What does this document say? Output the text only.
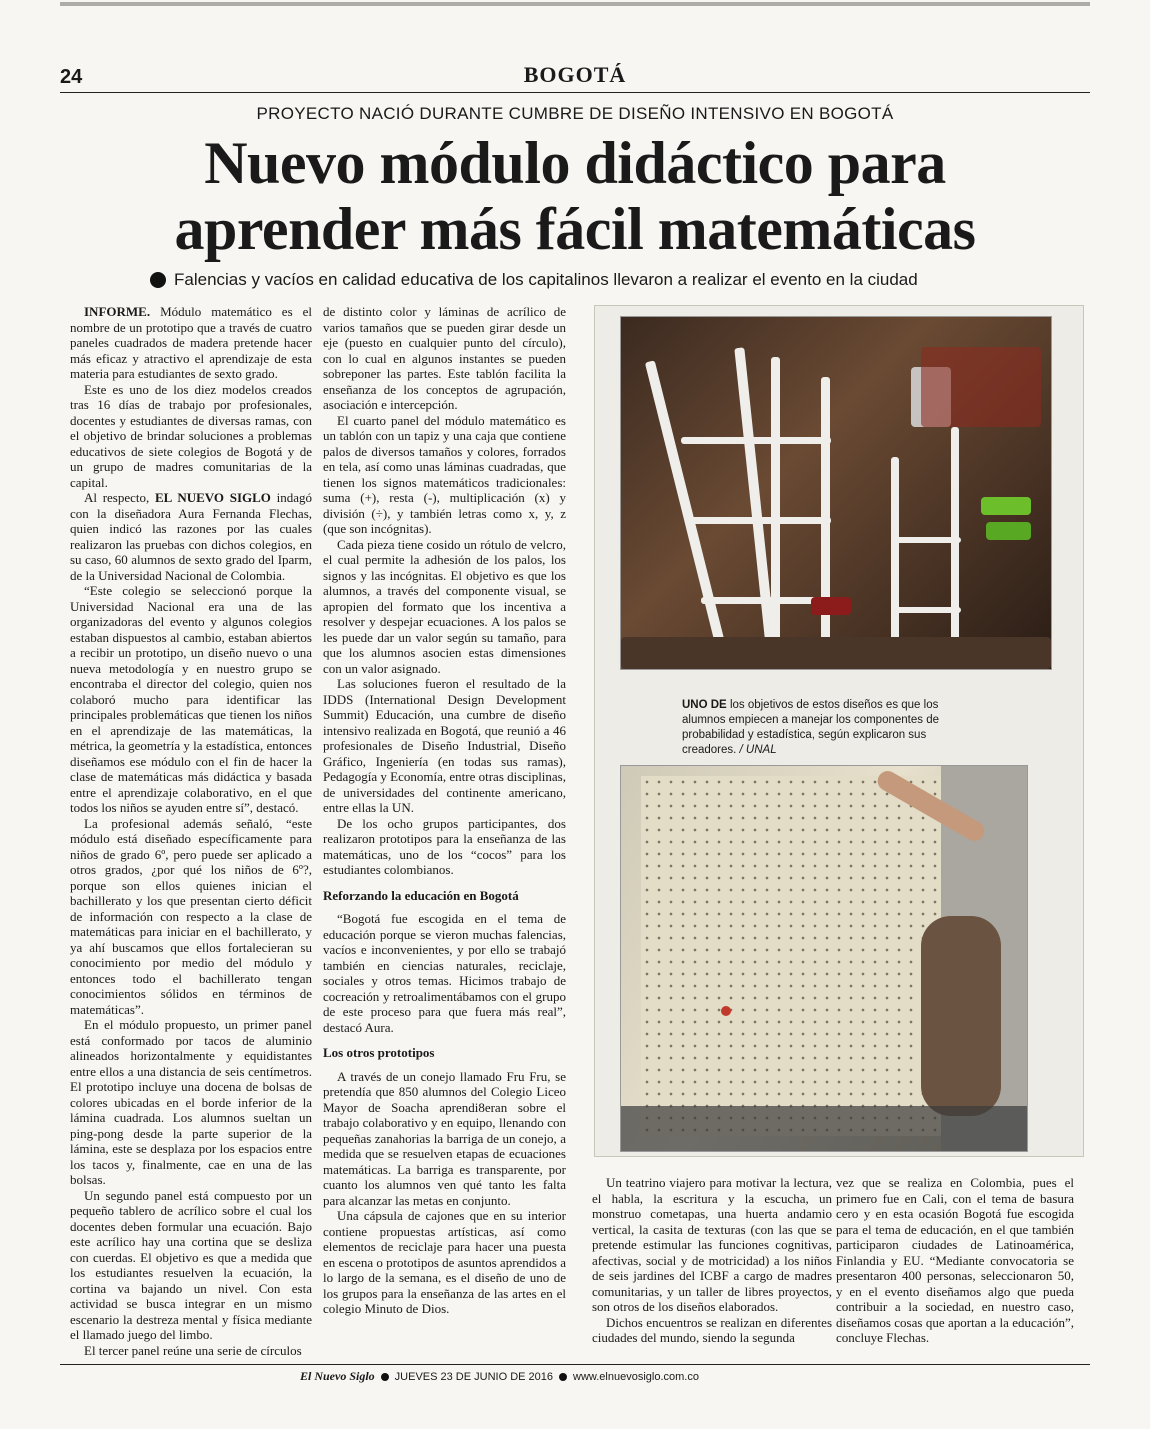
24	BOGOTÁ
PROYECTO NACIÓ DURANTE CUMBRE DE DISEÑO INTENSIVO EN BOGOTÁ
Nuevo módulo didáctico para
aprender más fácil matemáticas
Falencias y vacíos en calidad educativa de los capitalinos llevaron a realizar el evento en la ciudad

INFORME. Módulo matemático es el nombre de un prototipo que a través de cuatro paneles cuadrados de madera pretende hacer más eficaz y atractivo el aprendizaje de esta materia para estudiantes de sexto grado.

Este es uno de los diez modelos creados tras 16 días de trabajo por profesionales, docentes y estudiantes de diversas ramas, con el objetivo de brindar soluciones a problemas educativos de siete colegios de Bogotá y de un grupo de madres comunitarias de la capital.

Al respecto, EL NUEVO SIGLO indagó con la diseñadora Aura Fernanda Flechas, quien indicó las razones por las cuales realizaron las pruebas con dichos colegios, en su caso, 60 alumnos de sexto grado del Iparm, de la Universidad Nacional de Colombia.

“Este colegio se seleccionó porque la Universidad Nacional era una de las organizadoras del evento y algunos colegios estaban dispuestos al cambio, estaban abiertos a recibir un prototipo, un diseño nuevo o una nueva metodología y en nuestro grupo se encontraba el director del colegio, quien nos colaboró mucho para identificar las principales problemáticas que tienen los niños en el aprendizaje de las matemáticas, la métrica, la geometría y la estadística, entonces diseñamos ese módulo con el fin de hacer la clase de matemáticas más didáctica y basada entre el aprendizaje colaborativo, en el que todos los niños se ayuden entre sí”, destacó.

La profesional además señaló, “este módulo está diseñado específicamente para niños de grado 6º, pero puede ser aplicado a otros grados, ¿por qué los niños de 6º?, porque son ellos quienes inician el bachillerato y los que presentan cierto déficit de información con respecto a la clase de matemáticas para iniciar en el bachillerato, y ya ahí buscamos que ellos fortalecieran su conocimiento por medio del módulo y entonces todo el bachillerato tengan conocimientos sólidos en términos de matemáticas”.

En el módulo propuesto, un primer panel está conformado por tacos de aluminio alineados horizontalmente y equidistantes entre ellos a una distancia de seis centímetros. El prototipo incluye una docena de bolsas de colores ubicadas en el borde inferior de la lámina cuadrada. Los alumnos sueltan un ping-pong desde la parte superior de la lámina, este se desplaza por los espacios entre los tacos y, finalmente, cae en una de las bolsas.

Un segundo panel está compuesto por un pequeño tablero de acrílico sobre el cual los docentes deben formular una ecuación. Bajo este acrílico hay una cortina que se desliza con cuerdas. El objetivo es que a medida que los estudiantes resuelven la ecuación, la cortina va bajando un nivel. Con esta actividad se busca integrar en un mismo escenario la destreza mental y física mediante el llamado juego del limbo.

El tercer panel reúne una serie de círculos

de distinto color y láminas de acrílico de varios tamaños que se pueden girar desde un eje (puesto en cualquier punto del círculo), con lo cual en algunos instantes se pueden sobreponer las partes. Este tablón facilita la enseñanza de los conceptos de agrupación, asociación e intercepción.

El cuarto panel del módulo matemático es un tablón con un tapiz y una caja que contiene palos de diversos tamaños y colores, forrados en tela, así como unas láminas cuadradas, que tienen los signos matemáticos tradicionales: suma (+), resta (-), multiplicación (x) y división (÷), y también letras como x, y, z (que son incógnitas).

Cada pieza tiene cosido un rótulo de velcro, el cual permite la adhesión de los palos, los signos y las incógnitas. El objetivo es que los alumnos, a través del componente visual, se apropien del formato que los incentiva a resolver y despejar ecuaciones. A los palos se les puede dar un valor según su tamaño, para que los alumnos asocien estas dimensiones con un valor asignado.

Las soluciones fueron el resultado de la IDDS (International Design Development Summit) Educación, una cumbre de diseño intensivo realizada en Bogotá, que reunió a 46 profesionales de Diseño Industrial, Diseño Gráfico, Ingeniería (en todas sus ramas), Pedagogía y Economía, entre otras disciplinas, de universidades del continente americano, entre ellas la UN.

De los ocho grupos participantes, dos realizaron prototipos para la enseñanza de las matemáticas, uno de los “cocos” para los estudiantes colombianos.

Reforzando la educación en Bogotá

“Bogotá fue escogida en el tema de educación porque se vieron muchas falencias, vacíos e inconvenientes, y por ello se trabajó también en ciencias naturales, reciclaje, sociales y otros temas. Hicimos trabajo de cocreación y retroalimentábamos con el grupo de este proceso para que fuera más real”, destacó Aura.

Los otros prototipos

A través de un conejo llamado Fru Fru, se pretendía que 850 alumnos del Colegio Liceo Mayor de Soacha aprendi8eran sobre el trabajo colaborativo y en equipo, llenando con pequeñas zanahorias la barriga de un conejo, a medida que se resuelven etapas de ecuaciones matemáticas. La barriga es transparente, por cuanto los alumnos ven qué tanto les falta para alcanzar las metas en conjunto.

Una cápsula de cajones que en su interior contiene propuestas artísticas, así como elementos de reciclaje para hacer una puesta en escena o prototipos de asuntos aprendidos a lo largo de la semana, es el diseño de uno de los grupos para la enseñanza de las artes en el colegio Minuto de Dios.

UNO DE los objetivos de estos diseños es que los alumnos empiecen a manejar los componentes de probabilidad y estadística, según explicaron sus creadores. / UNAL

Un teatrino viajero para motivar la lectura, el habla, la escritura y la escucha, un monstruo cometapas, una huerta andamio vertical, la casita de texturas (con las que se pretende estimular las funciones cognitivas, afectivas, social y de motricidad) a los niños de seis jardines del ICBF a cargo de madres comunitarias, y un taller de libres proyectos, son otros de los diseños elaborados.

Dichos encuentros se realizan en diferentes ciudades del mundo, siendo la segunda

vez que se realiza en Colombia, pues el primero fue en Cali, con el tema de basura cero y en esta ocasión Bogotá fue escogida para el tema de educación, en el que también participaron ciudades de Latinoamérica, Finlandia y EU. “Mediante convocatoria se presentaron 400 personas, seleccionaron 50, y en el evento diseñamos algo que pueda contribuir a la sociedad, en nuestro caso, diseñamos cosas que aportan a la educación”, concluye Flechas.

El Nuevo Siglo JUEVES 23 DE JUNIO DE 2016 www.elnuevosiglo.com.co
